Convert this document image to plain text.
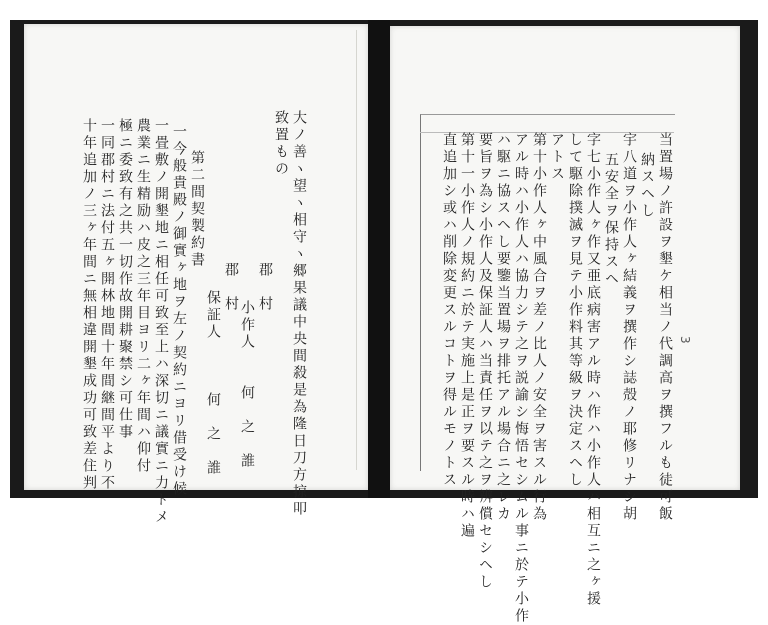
3
大ノ善ヽ望ヽ相守ヽ郷果議中央間殺是為隆日刀方掠叩
致置もの
郡　村
小作人　　何　之　誰
郡　村
保証人　　　何　之　誰
第二間契製約書
一今般貴殿ノ御實ヶ地ヲ左ノ契約ニヨリ借受け候
一畳敷ノ開墾地ニ相任可致至上ハ深切ニ議實ニ力トメ
農業ニ生精励ハ皮之三年目ヨリ二ヶ年間ハ仰付
極ニ委致有之共一切作故開耕聚禁シ可仕事
一同郡村ニ法付五ヶ開林地間十年間継間平より不
十年追加ノ三ヶ年間ニ無相違開墾成功可致差住判	当置場ノ許設ヲ墾ケ相当ノ代調高ヲ撰フルも徒可飯
納スヘし
宇八道ヲ小作人ヶ結義ヲ撰作シ誌殻ノ耶修リナシ胡
五安全ヲ保持スヘ
字七小作人ヶ作又亜底病害アル時ハ作ハ小作人ハ相互ニ之ヶ援
して駆除撲滅ヲ見テ小作料其等級ヲ決定スヘし
アトス
第十小作人ヶ中風合ヲ差ノ比人ノ安全ヲ害スル行為
アル時ハ小作人ハ協力シテ之ヲ説諭シ悔悟セシムル事ニ於テ小作
ハ駆ニ協スヘし要鑒当置場ヲ排托アル場合ニ之レカ
要旨ヲ為シ小作人及保証人ハ当責任ヲ以テ之ヲ辨償セシヘし
第十一小作人ノ規約ニ於テ実施上是正ヲ要スル時ハ遍
直追加シ或ハ削除変更スルコトヲ得ルモノトス
